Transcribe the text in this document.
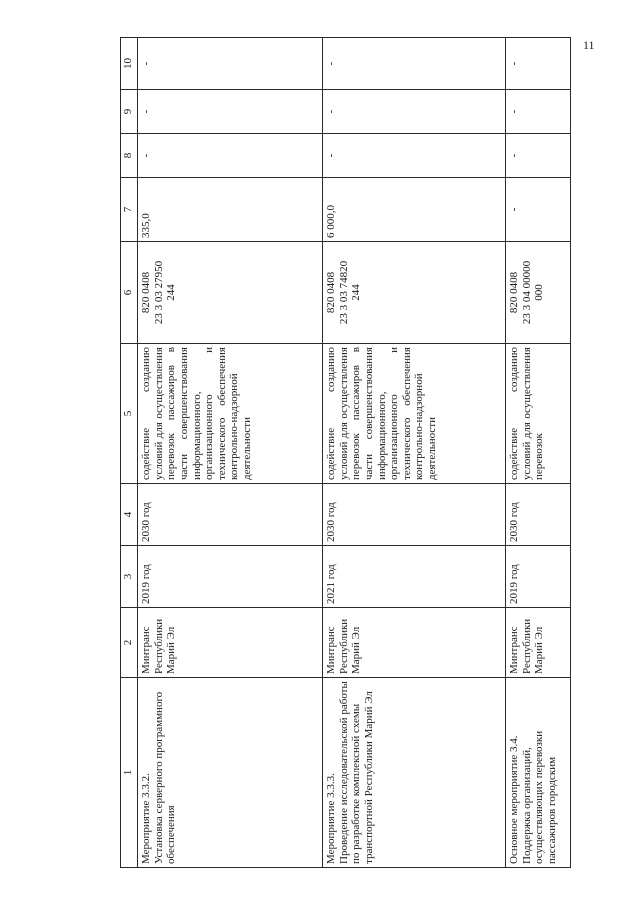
11
1	2	3	4	5	6	7	8	9	10
Мероприятие 3.3.2.
Установка серверного программного обеспечения	Минтранс Республики Марий Эл	2019 год	2030 год	содействие созданию условий для осуществления перевозок пассажиров в части совершенствования информационного, организационного и технического обеспечения контрольно-надзорной деятельности	820 0408
23 3 03 27950
244	335,0	-	-	-
Мероприятие 3.3.3.
Проведение исследовательской работы по разработке комплексной схемы транспортной Республики Марий Эл	Минтранс Республики Марий Эл	2021 год	2030 год	содействие созданию условий для осуществления перевозок пассажиров в части совершенствования информационного, организационного и технического обеспечения контрольно-надзорной деятельности	820 0408
23 3 03 74820
244	6 000,0	-	-	-
Основное мероприятие 3.4.
Поддержка организаций, осуществляющих перевозки пассажиров городским	Минтранс Республики Марий Эл	2019 год	2030 год	содействие созданию условий для осуществления перевозок	820 0408
23 3 04 00000
000	-	-	-	-
